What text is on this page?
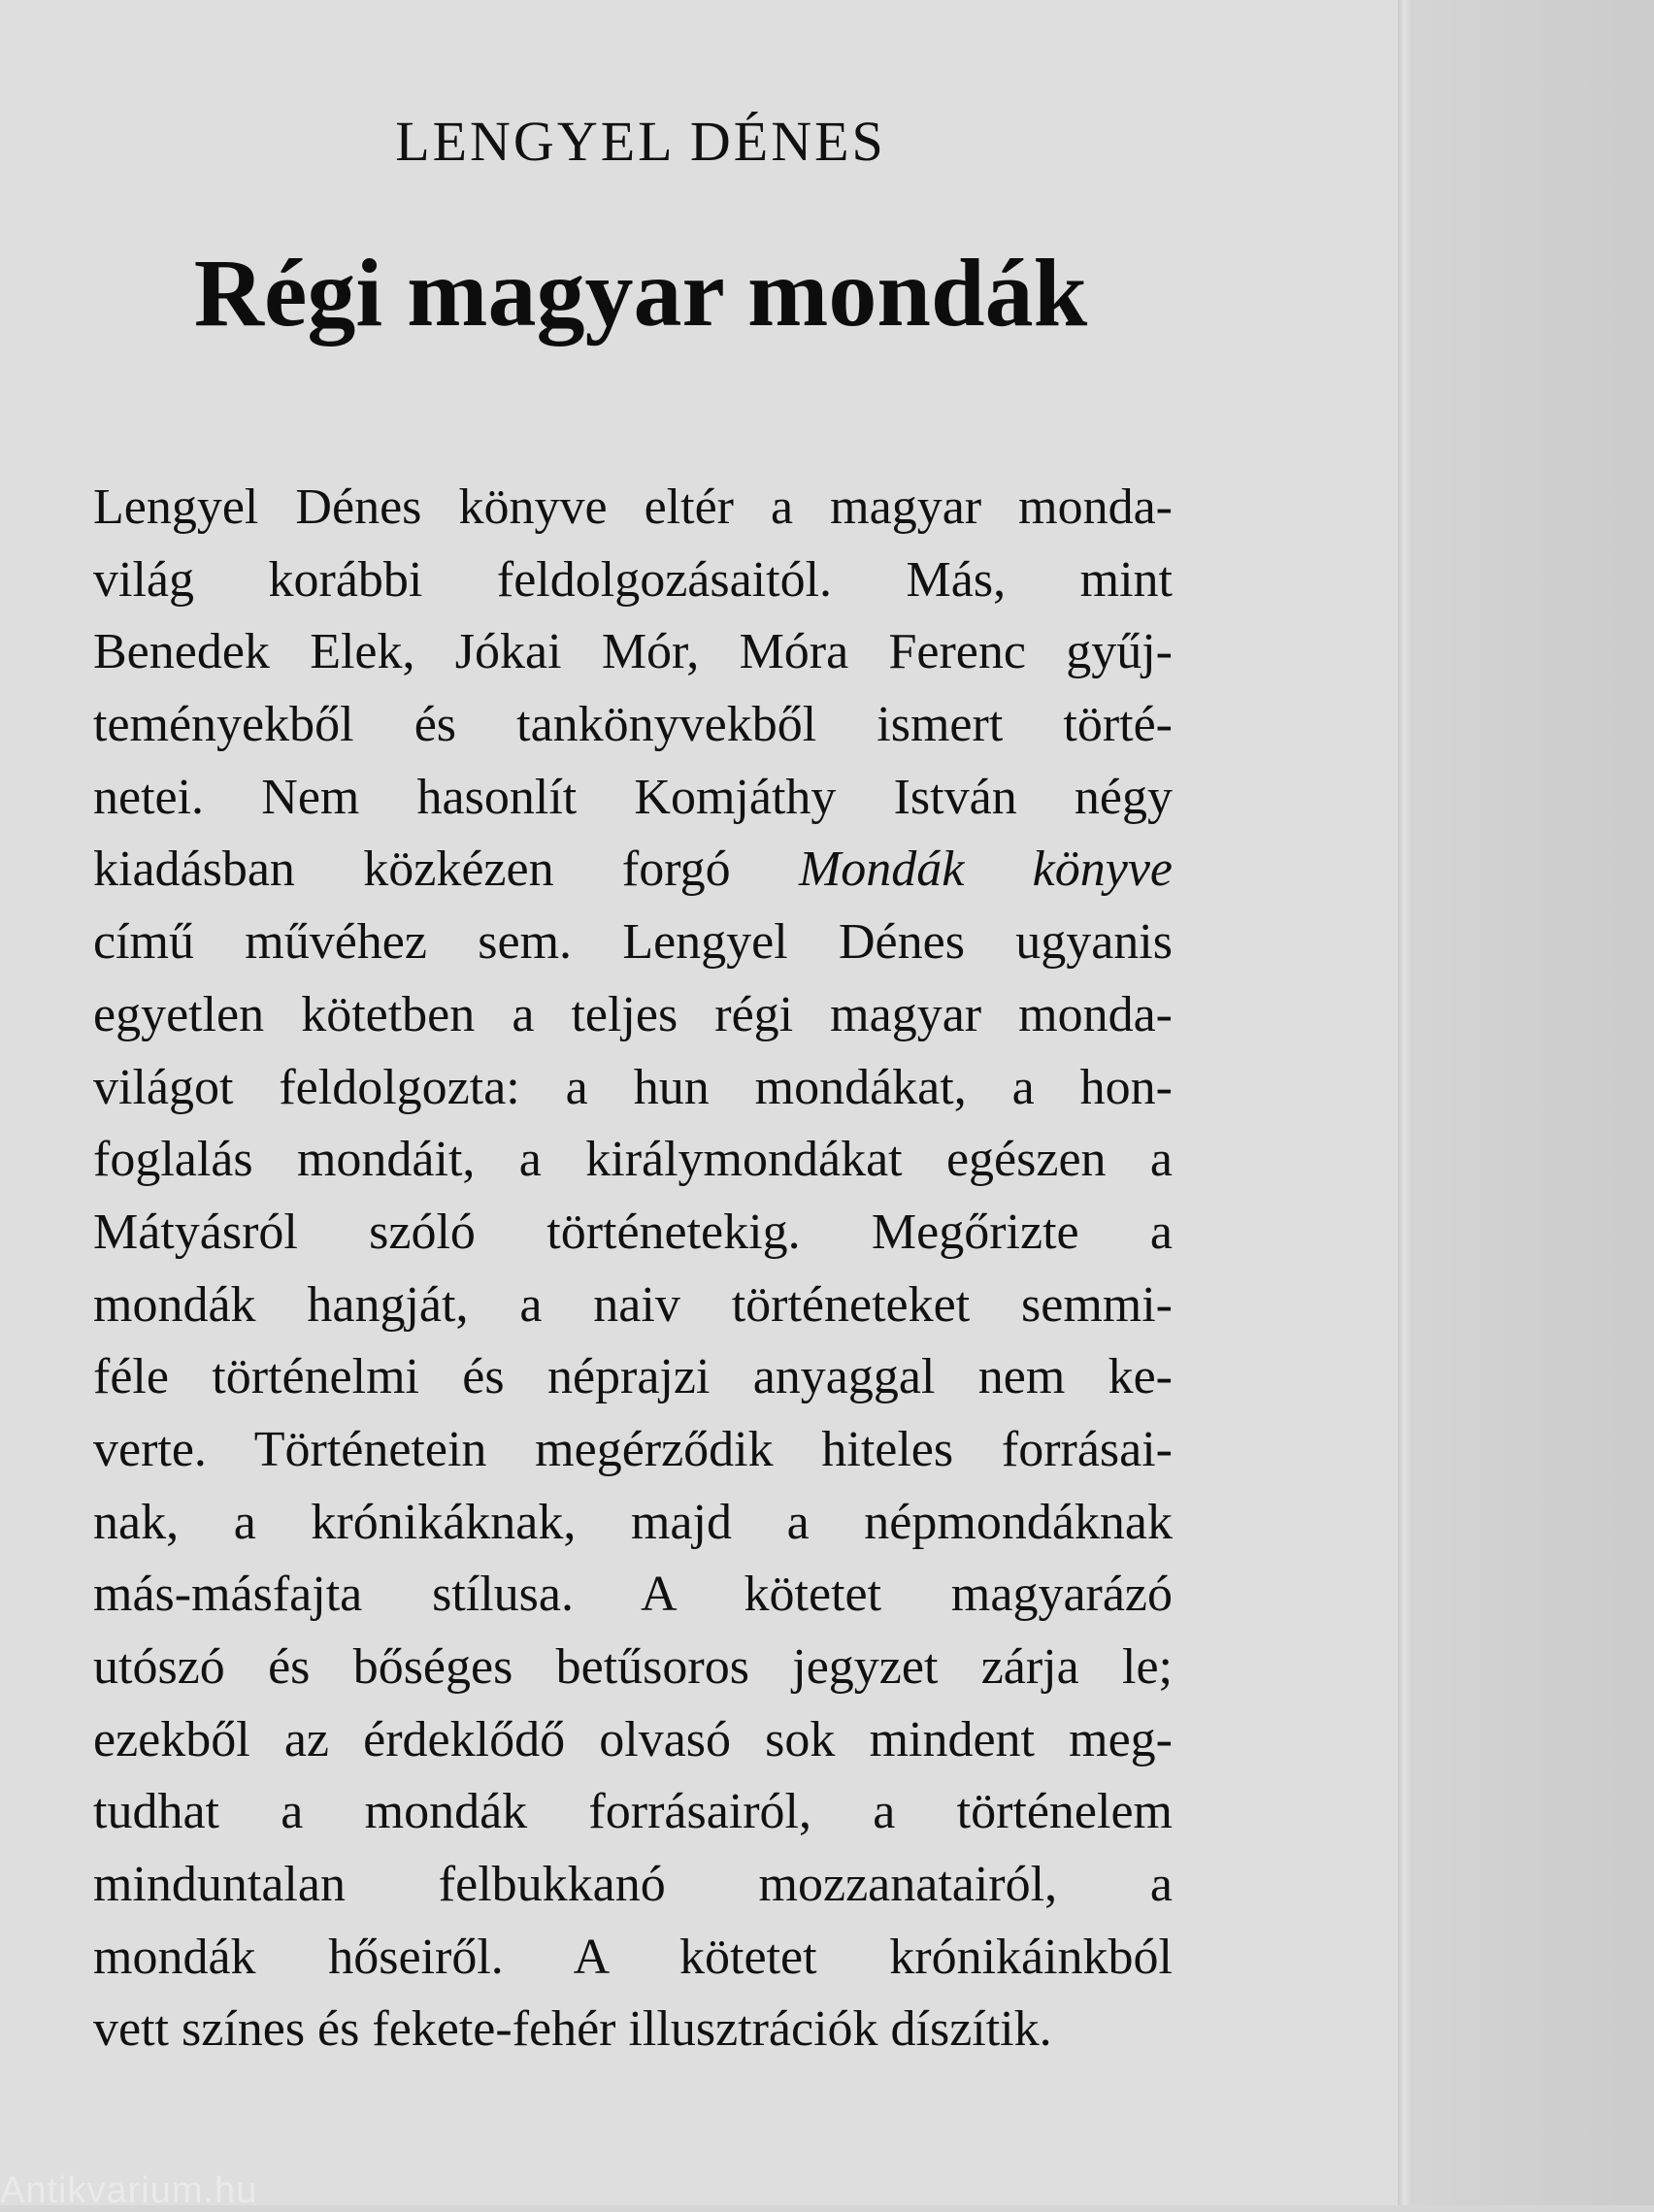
LENGYEL DÉNES
Régi magyar mondák
Lengyel Dénes könyve eltér a magyar monda-
világ korábbi feldolgozásaitól. Más, mint
Benedek Elek, Jókai Mór, Móra Ferenc gyűj-
teményekből és tankönyvekből ismert törté-
netei. Nem hasonlít Komjáthy István négy
kiadásban közkézen forgó Mondák könyve
című művéhez sem. Lengyel Dénes ugyanis
egyetlen kötetben a teljes régi magyar monda-
világot feldolgozta: a hun mondákat, a hon-
foglalás mondáit, a királymondákat egészen a
Mátyásról szóló történetekig. Megőrizte a
mondák hangját, a naiv történeteket semmi-
féle történelmi és néprajzi anyaggal nem ke-
verte. Történetein megérződik hiteles forrásai-
nak, a krónikáknak, majd a népmondáknak
más-másfajta stílusa. A kötetet magyarázó
utószó és bőséges betűsoros jegyzet zárja le;
ezekből az érdeklődő olvasó sok mindent meg-
tudhat a mondák forrásairól, a történelem
minduntalan felbukkanó mozzanatairól, a
mondák hőseiről. A kötetet krónikáinkból
vett színes és fekete-fehér illusztrációk díszítik.
Antikvarium.hu
